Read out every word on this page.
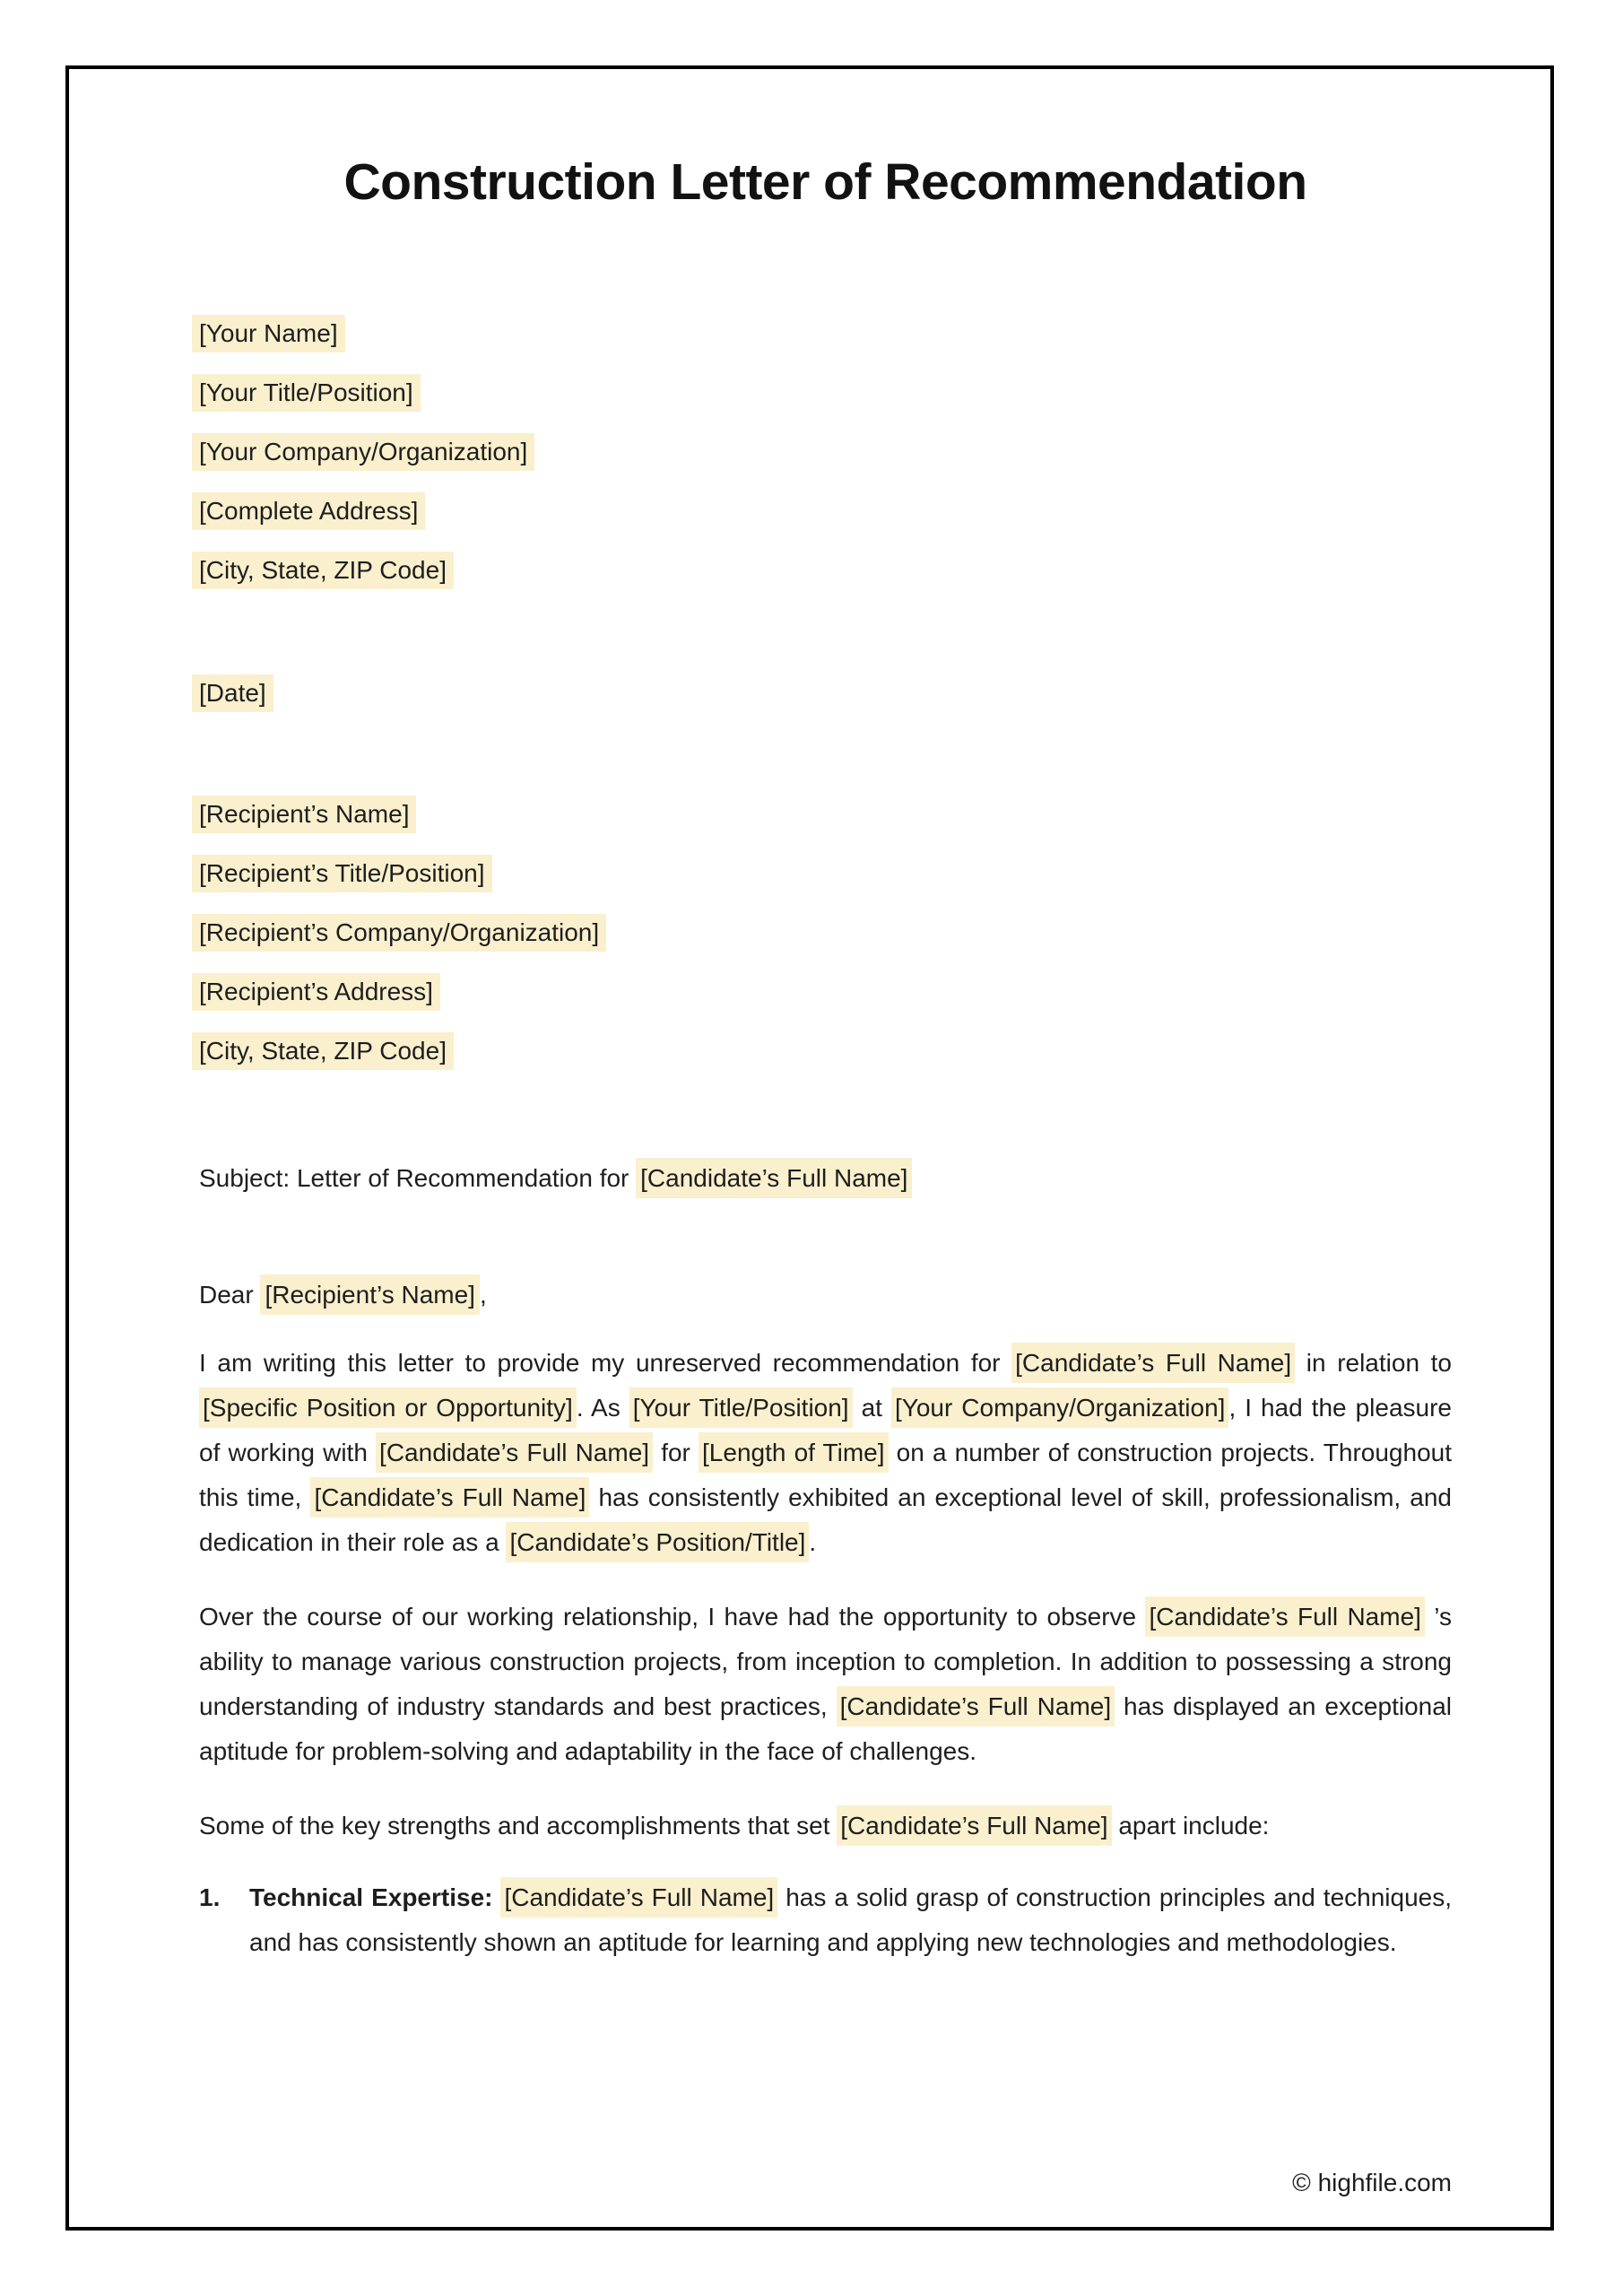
Construction Letter of Recommendation
[Your Name]
[Your Title/Position]
[Your Company/Organization]
[Complete Address]
[City, State, ZIP Code]
[Date]
[Recipient’s Name]
[Recipient’s Title/Position]
[Recipient’s Company/Organization]
[Recipient’s Address]
[City, State, ZIP Code]
Subject: Letter of Recommendation for [Candidate’s Full Name]
Dear [Recipient’s Name] ,

I am writing this letter to provide my unreserved recommendation for [Candidate’s Full Name] in relation to [Specific Position or Opportunity] . As [Your Title/Position] at [Your Company/Organization] , I had the pleasure of working with [Candidate’s Full Name] for [Length of Time] on a number of construction projects. Throughout this time, [Candidate’s Full Name] has consistently exhibited an exceptional level of skill, professionalism, and dedication in their role as a [Candidate’s Position/Title] .

Over the course of our working relationship, I have had the opportunity to observe [Candidate’s Full Name] ’s ability to manage various construction projects, from inception to completion. In addition to possessing a strong understanding of industry standards and best practices, [Candidate’s Full Name] has displayed an exceptional aptitude for problem-solving and adaptability in the face of challenges.

Some of the key strengths and accomplishments that set [Candidate’s Full Name] apart include:

1. Technical Expertise: [Candidate’s Full Name] has a solid grasp of construction principles and techniques, and has consistently shown an aptitude for learning and applying new technologies and methodologies.
© highfile.com
